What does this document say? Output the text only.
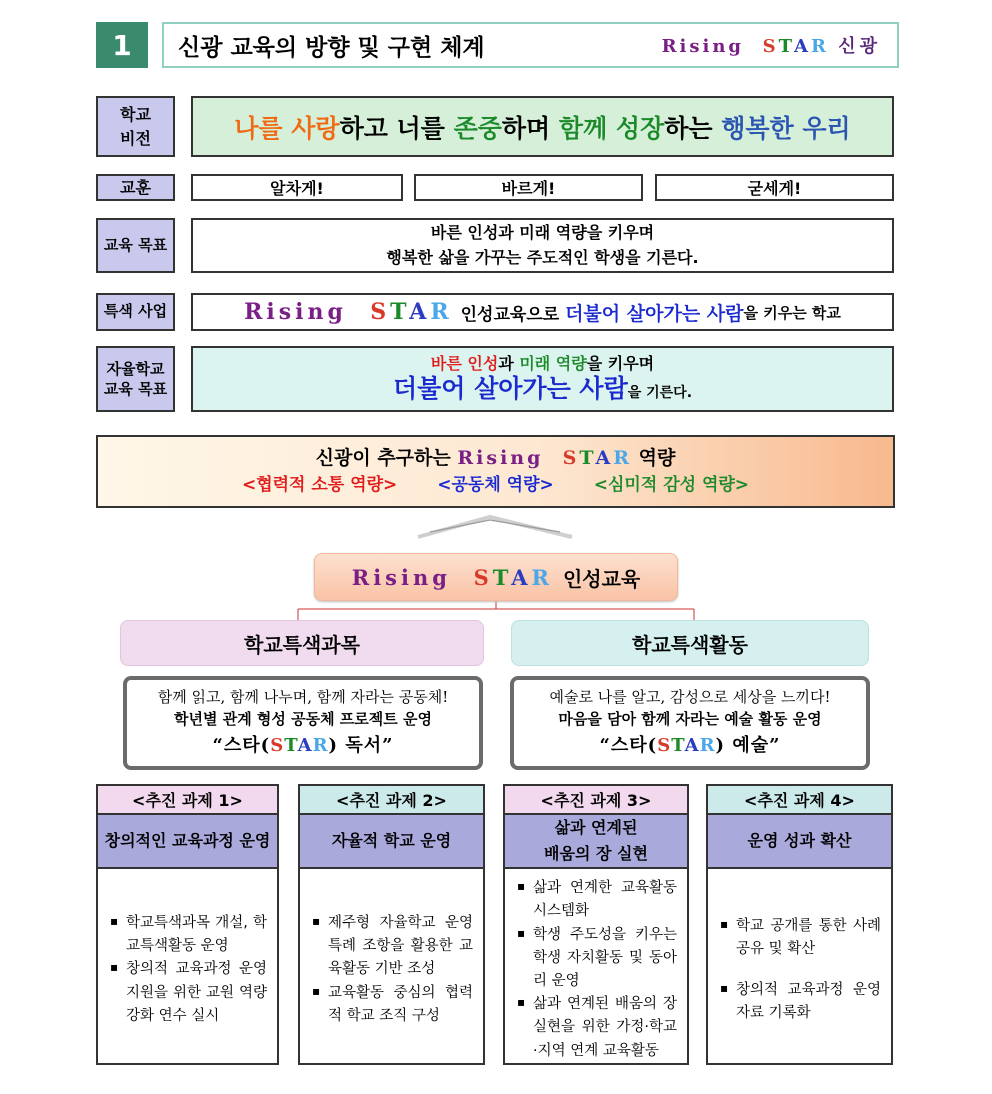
1	신광 교육의 방향 및 구현 체계	Rising STAR 신광
학교
비전	나를 사랑 하고 너를 존중 하며 함께 성장 하는 행복한 우리
교훈	알차게!	바르게!	굳세게!
교육 목표
바른 인성과 미래 역량을 키우며
행복한 삶을 가꾸는 주도적인 학생을 기른다.
특색 사업	Rising STAR 인성교육으로 더불어 살아가는 사람 을 키우는 학교
자율학교
교육 목표
바른 인성과 미래 역량을 키우며
더불어 살아가는 사람을 기른다.
신광이 추구하는 Rising STAR 역량
<협력적 소통 역량> <공동체 역량> <심미적 감성 역량>
Rising STAR 인성교육
학교특색과목	학교특색활동
함께 읽고, 함께 나누며, 함께 자라는 공동체!
학년별 관계 형성 공동체 프로젝트 운영
“스타(STAR) 독서”
예술로 나를 알고, 감성으로 세상을 느끼다!
마음을 담아 함께 자라는 예술 활동 운영
“스타(STAR) 예술”
<추진 과제 1>
창의적인 교육과정 운영
▪ 학교특색과목 개설, 학교특색활동 운영
▪ 창의적 교육과정 운영 지원을 위한 교원 역량 강화 연수 실시
<추진 과제 2>
자율적 학교 운영
▪ 제주형 자율학교 운영 특례 조항을 활용한 교육활동 기반 조성
▪ 교육활동 중심의 협력적 학교 조직 구성
<추진 과제 3>
삶과 연계된
배움의 장 실현
▪ 삶과 연계한 교육활동 시스템화
▪ 학생 주도성을 키우는 학생 자치활동 및 동아리 운영
▪ 삶과 연계된 배움의 장 실현을 위한 가정·학교·지역 연계 교육활동
<추진 과제 4>
운영 성과 확산
▪ 학교 공개를 통한 사례 공유 및 확산
▪ 창의적 교육과정 운영 자료 기록화
